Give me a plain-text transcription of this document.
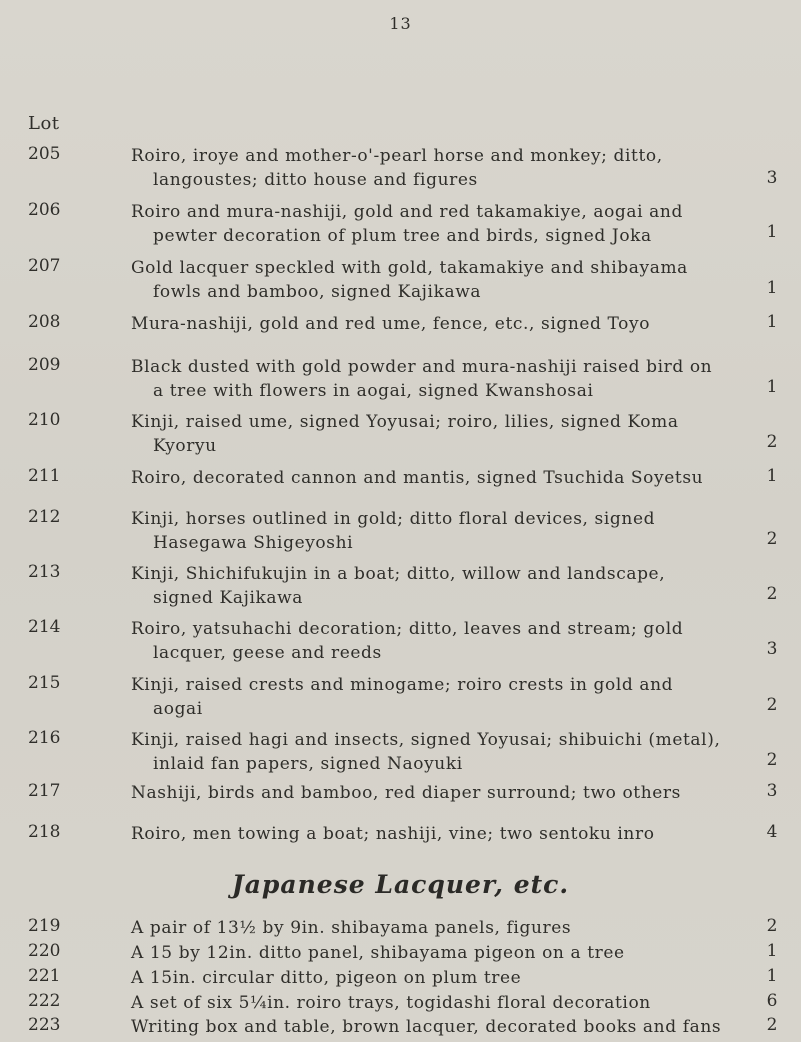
13
Lot
205	Roiro, iroye and mother-o'-pearl horse and monkey; ditto,
langoustes; ditto house and figures	3
206	Roiro and mura-nashiji, gold and red takamakiye, aogai and
pewter decoration of plum tree and birds, signed Joka	1
207	Gold lacquer speckled with gold, takamakiye and shibayama
fowls and bamboo, signed Kajikawa	1
208	Mura-nashiji, gold and red ume, fence, etc., signed Toyo	1
209	Black dusted with gold powder and mura-nashiji raised bird on
a tree with flowers in aogai, signed Kwanshosai	1
210	Kinji, raised ume, signed Yoyusai; roiro, lilies, signed Koma
Kyoryu	2
211	Roiro, decorated cannon and mantis, signed Tsuchida Soyetsu	1
212	Kinji, horses outlined in gold; ditto floral devices, signed
Hasegawa Shigeyoshi	2
213	Kinji, Shichifukujin in a boat; ditto, willow and landscape,
signed Kajikawa	2
214	Roiro, yatsuhachi decoration; ditto, leaves and stream; gold
lacquer, geese and reeds	3
215	Kinji, raised crests and minogame; roiro crests in gold and
aogai	2
216	Kinji, raised hagi and insects, signed Yoyusai; shibuichi (metal),
inlaid fan papers, signed Naoyuki	2
217	Nashiji, birds and bamboo, red diaper surround; two others	3
218	Roiro, men towing a boat; nashiji, vine; two sentoku inro	4
Japanese Lacquer, etc.
219	A pair of 13½ by 9in. shibayama panels, figures	2
220	A 15 by 12in. ditto panel, shibayama pigeon on a tree	1
221	A 15in. circular ditto, pigeon on plum tree	1
222	A set of six 5¼in. roiro trays, togidashi floral decoration	6
223	Writing box and table, brown lacquer, decorated books and fans	2
